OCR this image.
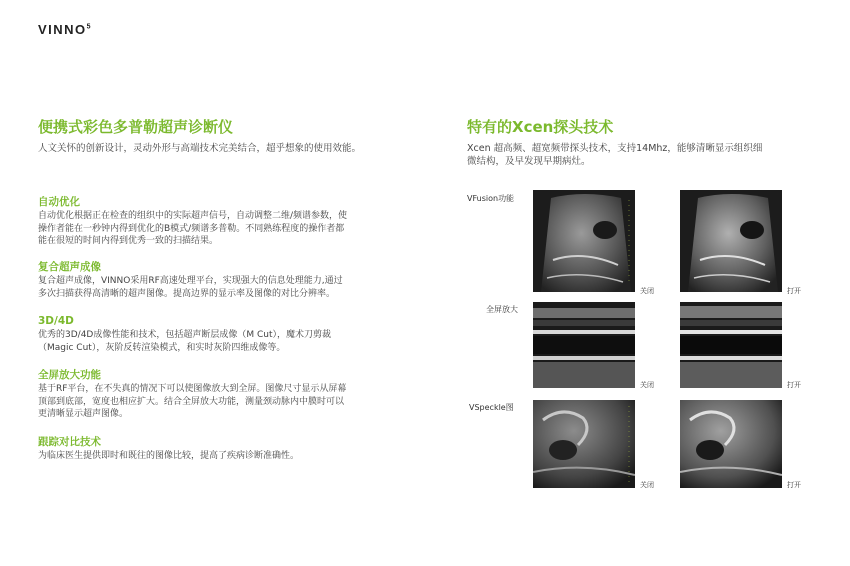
VINNO$^5$
便携式彩色多普勒超声诊断仪

人文关怀的创新设计，灵动外形与高端技术完美结合，超乎想象的使用效能。

自动优化

自动优化根据正在检查的组织中的实际超声信号，自动调整二维/频谱参数，使

操作者能在一秒钟内得到优化的B模式/频谱多普勒。不同熟练程度的操作者都

能在很短的时间内得到优秀一致的扫描结果。

复合超声成像

复合超声成像，VINNO采用RF高速处理平台，实现强大的信息处理能力,通过

多次扫描获得高清晰的超声图像。提高边界的显示率及图像的对比分辨率。

3D/4D

优秀的3D/4D成像性能和技术，包括超声断层成像（M Cut），魔术刀剪裁

（Magic Cut），灰阶反转渲染模式，和实时灰阶四维成像等。

全屏放大功能

基于RF平台，在不失真的情况下可以使图像放大到全屏。图像尺寸显示从屏幕

顶部到底部，宽度也相应扩大。结合全屏放大功能，测量颈动脉内中膜时可以

更清晰显示超声图像。

跟踪对比技术

为临床医生提供即时和既往的图像比较，提高了疾病诊断准确性。

特有的Xcen探头技术

Xcen 超高频、超宽频带探头技术，支持14Mhz，能够清晰显示组织细

微结构，及早发现早期病灶。

VFusion功能
关闭	打开
全屏放大
关闭	打开
VSpeckle图
关闭	打开
